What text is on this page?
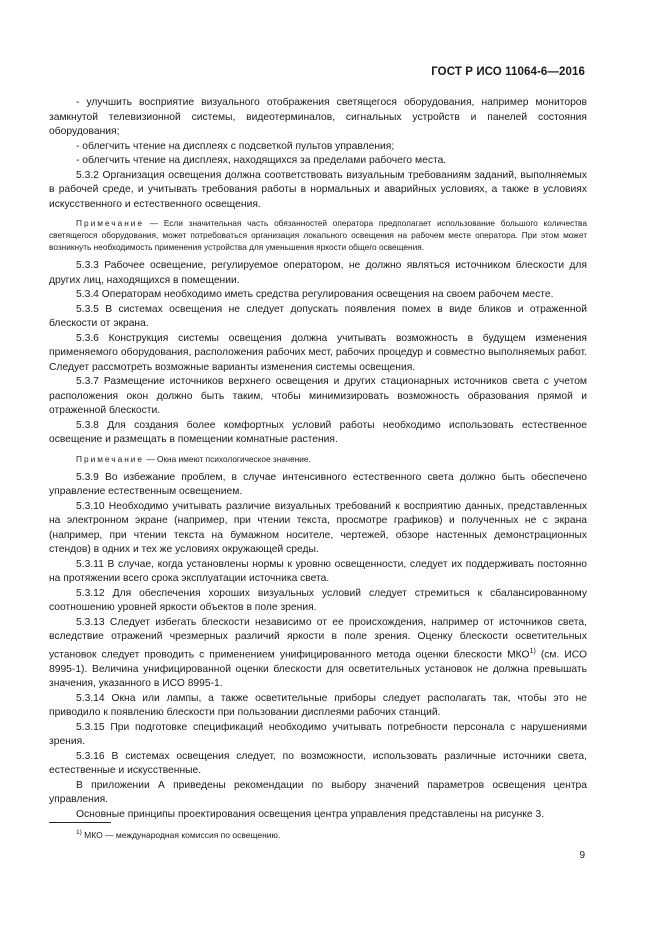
ГОСТ Р ИСО 11064-6—2016

- улучшить восприятие визуального отображения светящегося оборудования, например мониторов замкнутой телевизионной системы, видеотерминалов, сигнальных устройств и панелей состояния оборудования;

- облегчить чтение на дисплеях с подсветкой пультов управления;

- облегчить чтение на дисплеях, находящихся за пределами рабочего места.

5.3.2 Организация освещения должна соответствовать визуальным требованиям заданий, выполняемых в рабочей среде, и учитывать требования работы в нормальных и аварийных условиях, а также в условиях искусственного и естественного освещения.

Примечание — Если значительная часть обязанностей оператора предполагает использование большого количества светящегося оборудования, может потребоваться организация локального освещения на рабочем месте оператора. При этом может возникнуть необходимость применения устройства для уменьшения яркости общего освещения.

5.3.3 Рабочее освещение, регулируемое оператором, не должно являться источником блескости для других лиц, находящихся в помещении.

5.3.4 Операторам необходимо иметь средства регулирования освещения на своем рабочем месте.

5.3.5 В системах освещения не следует допускать появления помех в виде бликов и отраженной блескости от экрана.

5.3.6 Конструкция системы освещения должна учитывать возможность в будущем изменения применяемого оборудования, расположения рабочих мест, рабочих процедур и совместно выполняемых работ. Следует рассмотреть возможные варианты изменения системы освещения.

5.3.7 Размещение источников верхнего освещения и других стационарных источников света с учетом расположения окон должно быть таким, чтобы минимизировать возможность образования прямой и отраженной блескости.

5.3.8 Для создания более комфортных условий работы необходимо использовать естественное освещение и размещать в помещении комнатные растения.

Примечание — Окна имеют психологическое значение.

5.3.9 Во избежание проблем, в случае интенсивного естественного света должно быть обеспечено управление естественным освещением.

5.3.10 Необходимо учитывать различие визуальных требований к восприятию данных, представленных на электронном экране (например, при чтении текста, просмотре графиков) и полученных не с экрана (например, при чтении текста на бумажном носителе, чертежей, обзоре настенных демонстрационных стендов) в одних и тех же условиях окружающей среды.

5.3.11 В случае, когда установлены нормы к уровню освещенности, следует их поддерживать постоянно на протяжении всего срока эксплуатации источника света.

5.3.12 Для обеспечения хороших визуальных условий следует стремиться к сбалансированному соотношению уровней яркости объектов в поле зрения.

5.3.13 Следует избегать блескости независимо от ее происхождения, например от источников света, вследствие отражений чрезмерных различий яркости в поле зрения. Оценку блескости осветительных установок следует проводить с применением унифицированного метода оценки блескости МКО$^{1)}$ (см. ИСО 8995-1). Величина унифицированной оценки блескости для осветительных установок не должна превышать значения, указанного в ИСО 8995-1.

5.3.14 Окна или лампы, а также осветительные приборы следует располагать так, чтобы это не приводило к появлению блескости при пользовании дисплеями рабочих станций.

5.3.15 При подготовке спецификаций необходимо учитывать потребности персонала с нарушениями зрения.

5.3.16 В системах освещения следует, по возможности, использовать различные источники света, естественные и искусственные.

В приложении А приведены рекомендации по выбору значений параметров освещения центра управления.

Основные принципы проектирования освещения центра управления представлены на рисунке 3.

$^{1)}$ МКО — международная комиссия по освещению.
9
